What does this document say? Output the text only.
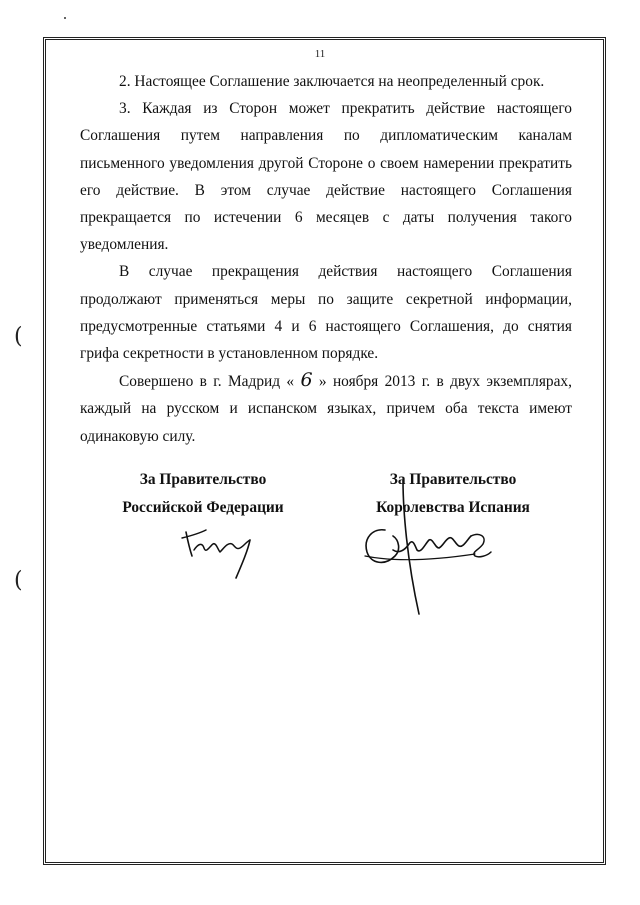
(
(
11

2. Настоящее Соглашение заключается на неопределенный срок.

3. Каждая из Сторон может прекратить действие настоящего Соглашения путем направления по дипломатическим каналам письменного уведомления другой Стороне о своем намерении прекратить его действие. В этом случае действие настоящего Соглашения прекращается по истечении 6 месяцев с даты получения такого уведомления.

В случае прекращения действия настоящего Соглашения продолжают применяться меры по защите секретной информации, предусмотренные статьями 4 и 6 настоящего Соглашения, до снятия грифа секретности в установленном порядке.

Совершено в г. Мадрид « 6 » ноября 2013 г. в двух экземплярах, каждый на русском и испанском языках, причем оба текста имеют одинаковую силу.

За Правительство
Российской Федерации
За Правительство
Королевства Испания
